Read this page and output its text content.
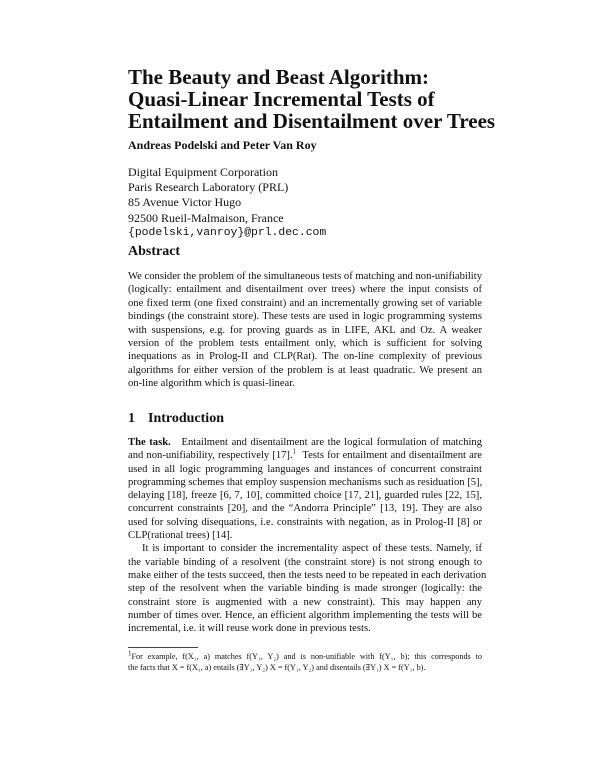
The Beauty and Beast Algorithm:
Quasi-Linear Incremental Tests of
Entailment and Disentailment over Trees
Andreas Podelski and Peter Van Roy
Digital Equipment Corporation
Paris Research Laboratory (PRL)
85 Avenue Victor Hugo
92500 Rueil-Malmaison, France
{podelski,vanroy}@prl.dec.com
Abstract
We consider the problem of the simultaneous tests of matching and non-unifiability
(logically: entailment and disentailment over trees) where the input consists of
one fixed term (one fixed constraint) and an incrementally growing set of variable
bindings (the constraint store). These tests are used in logic programming systems
with suspensions, e.g. for proving guards as in LIFE, AKL and Oz. A weaker
version of the problem tests entailment only, which is sufficient for solving
inequations as in Prolog-II and CLP(Rat). The on-line complexity of previous
algorithms for either version of the problem is at least quadratic. We present an
on-line algorithm which is quasi-linear.
1 Introduction
The task. Entailment and disentailment are the logical formulation of matching
and non-unifiability, respectively [17].$^1$ Tests for entailment and disentailment are
used in all logic programming languages and instances of concurrent constraint
programming schemes that employ suspension mechanisms such as residuation [5],
delaying [18], freeze [6, 7, 10], committed choice [17, 21], guarded rules [22, 15],
concurrent constraints [20], and the “Andorra Principle” [13, 19]. They are also
used for solving disequations, i.e. constraints with negation, as in Prolog-II [8] or
CLP(rational trees) [14].
It is important to consider the incrementality aspect of these tests. Namely, if
the variable binding of a resolvent (the constraint store) is not strong enough to
make either of the tests succeed, then the tests need to be repeated in each derivation
step of the resolvent when the variable binding is made stronger (logically: the
constraint store is augmented with a new constraint). This may happen any
number of times over. Hence, an efficient algorithm implementing the tests will be
incremental, i.e. it will reuse work done in previous tests.
$^1$For example, f(X₁, a) matches f(Y₁, Y₂) and is non-unifiable with f(Y₁, b); this corresponds to
the facts that X = f(X₁, a) entails (∃Y₁, Y₂) X = f(Y₁, Y₂) and disentails (∃Y₁) X = f(Y₁, b).
